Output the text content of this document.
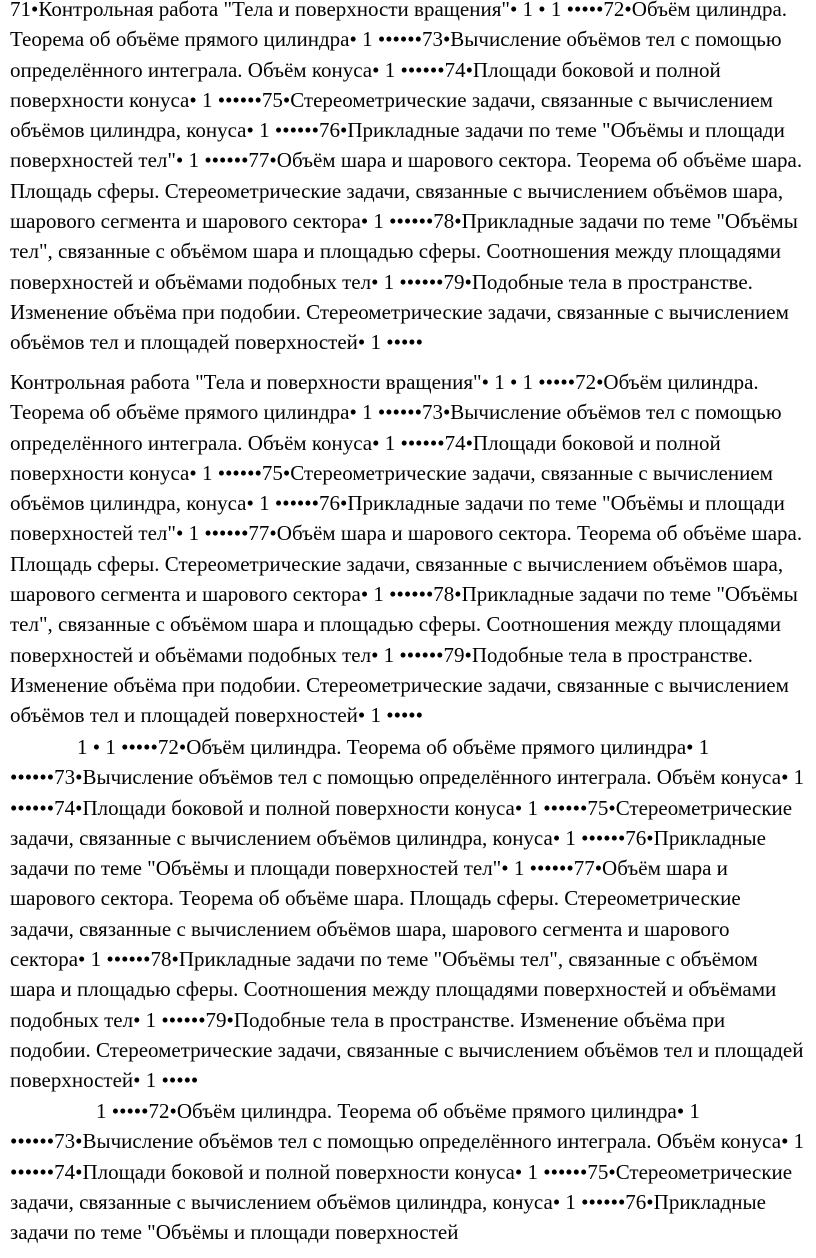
71•Контрольная работа "Тела и поверхности вращения"• 1 • 1 •••••72•Объём цилиндра. Теорема об объёме прямого цилиндра• 1 ••••••73•Вычисление объёмов тел с помощью определённого интеграла. Объём конуса• 1 ••••••74•Площади боковой и полной поверхности конуса• 1 ••••••75•Стереометрические задачи, связанные с вычислением объёмов цилиндра, конуса• 1 ••••••76•Прикладные задачи по теме "Объёмы и площади поверхностей тел"• 1 ••••••77•Объём шара и шарового сектора. Теорема об объёме шара. Площадь сферы. Стереометрические задачи, связанные с вычислением объёмов шара, шарового сегмента и шарового сектора• 1 ••••••78•Прикладные задачи по теме "Объёмы тел", связанные с объёмом шара и площадью сферы. Соотношения между площадями поверхностей и объёмами подобных тел• 1 ••••••79•Подобные тела в пространстве. Изменение объёма при подобии. Стереометрические задачи, связанные с вычислением объёмов тел и площадей поверхностей• 1 •••••

Контрольная работа "Тела и поверхности вращения"• 1 • 1 •••••72•Объём цилиндра. Теорема об объёме прямого цилиндра• 1 ••••••73•Вычисление объёмов тел с помощью определённого интеграла. Объём конуса• 1 ••••••74•Площади боковой и полной поверхности конуса• 1 ••••••75•Стереометрические задачи, связанные с вычислением объёмов цилиндра, конуса• 1 ••••••76•Прикладные задачи по теме "Объёмы и площади поверхностей тел"• 1 ••••••77•Объём шара и шарового сектора. Теорема об объёме шара. Площадь сферы. Стереометрические задачи, связанные с вычислением объёмов шара, шарового сегмента и шарового сектора• 1 ••••••78•Прикладные задачи по теме "Объёмы тел", связанные с объёмом шара и площадью сферы. Соотношения между площадями поверхностей и объёмами подобных тел• 1 ••••••79•Подобные тела в пространстве. Изменение объёма при подобии. Стереометрические задачи, связанные с вычислением объёмов тел и площадей поверхностей• 1 •••••

1 • 1 •••••72•Объём цилиндра. Теорема об объёме прямого цилиндра• 1 ••••••73•Вычисление объёмов тел с помощью определённого интеграла. Объём конуса• 1 ••••••74•Площади боковой и полной поверхности конуса• 1 ••••••75•Стереометрические задачи, связанные с вычислением объёмов цилиндра, конуса• 1 ••••••76•Прикладные задачи по теме "Объёмы и площади поверхностей тел"• 1 ••••••77•Объём шара и шарового сектора. Теорема об объёме шара. Площадь сферы. Стереометрические задачи, связанные с вычислением объёмов шара, шарового сегмента и шарового сектора• 1 ••••••78•Прикладные задачи по теме "Объёмы тел", связанные с объёмом шара и площадью сферы. Соотношения между площадями поверхностей и объёмами подобных тел• 1 ••••••79•Подобные тела в пространстве. Изменение объёма при подобии. Стереометрические задачи, связанные с вычислением объёмов тел и площадей поверхностей• 1 •••••

1 •••••72•Объём цилиндра. Теорема об объёме прямого цилиндра• 1 ••••••73•Вычисление объёмов тел с помощью определённого интеграла. Объём конуса• 1 ••••••74•Площади боковой и полной поверхности конуса• 1 ••••••75•Стереометрические задачи, связанные с вычислением объёмов цилиндра, конуса• 1 ••••••76•Прикладные задачи по теме "Объёмы и площади поверхностей
